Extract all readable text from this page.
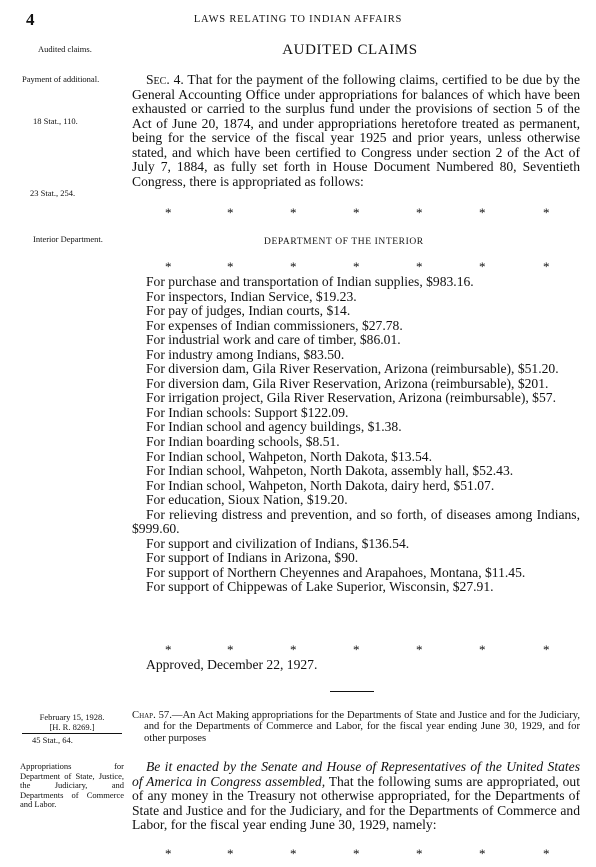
4	LAWS RELATING TO INDIAN AFFAIRS
AUDITED CLAIMS
Audited claims.
Payment of additional.
18 Stat., 110.
23 Stat., 254.
Interior Department.

Sec. 4. That for the payment of the following claims, certified to be due by the General Accounting Office under appropriations for balances of which have been exhausted or carried to the surplus fund under the provisions of section 5 of the Act of June 20, 1874, and under appropriations heretofore treated as permanent, being for the service of the fiscal year 1925 and prior years, unless otherwise stated, and which have been certified to Congress under section 2 of the Act of July 7, 1884, as fully set forth in House Document Numbered 80, Seventieth Congress, there is appropriated as follows:

*	*	*	*	*	*	*
DEPARTMENT OF THE INTERIOR
*	*	*	*	*	*	*

For purchase and transportation of Indian supplies, $983.16.

For inspectors, Indian Service, $19.23.

For pay of judges, Indian courts, $14.

For expenses of Indian commissioners, $27.78.

For industrial work and care of timber, $86.01.

For industry among Indians, $83.50.

For diversion dam, Gila River Reservation, Arizona (reimbursable), $51.20.

For diversion dam, Gila River Reservation, Arizona (reimbursable), $201.

For irrigation project, Gila River Reservation, Arizona (reimbursable), $57.

For Indian schools: Support $122.09.

For Indian school and agency buildings, $1.38.

For Indian boarding schools, $8.51.

For Indian school, Wahpeton, North Dakota, $13.54.

For Indian school, Wahpeton, North Dakota, assembly hall, $52.43.

For Indian school, Wahpeton, North Dakota, dairy herd, $51.07.

For education, Sioux Nation, $19.20.

For relieving distress and prevention, and so forth, of diseases among Indians, $999.60.

For support and civilization of Indians, $136.54.

For support of Indians in Arizona, $90.

For support of Northern Cheyennes and Arapahoes, Montana, $11.45.

For support of Chippewas of Lake Superior, Wisconsin, $27.91.

*	*	*	*	*	*	*
Approved, December 22, 1927.
February 15, 1928.
[H. R. 8269.]
45 Stat., 64.
Appropriations for Department of State, Justice, the Judiciary, and Departments of Commerce and Labor.
Chap. 57.—An Act Making appropriations for the Departments of State and Justice and for the Judiciary, and for the Departments of Commerce and Labor, for the fiscal year ending June 30, 1929, and for other purposes

Be it enacted by the Senate and House of Representatives of the United States of America in Congress assembled, That the following sums are appropriated, out of any money in the Treasury not otherwise appropriated, for the Departments of State and Justice and for the Judiciary, and for the Departments of Commerce and Labor, for the fiscal year ending June 30, 1929, namely:

*	*	*	*	*	*	*
